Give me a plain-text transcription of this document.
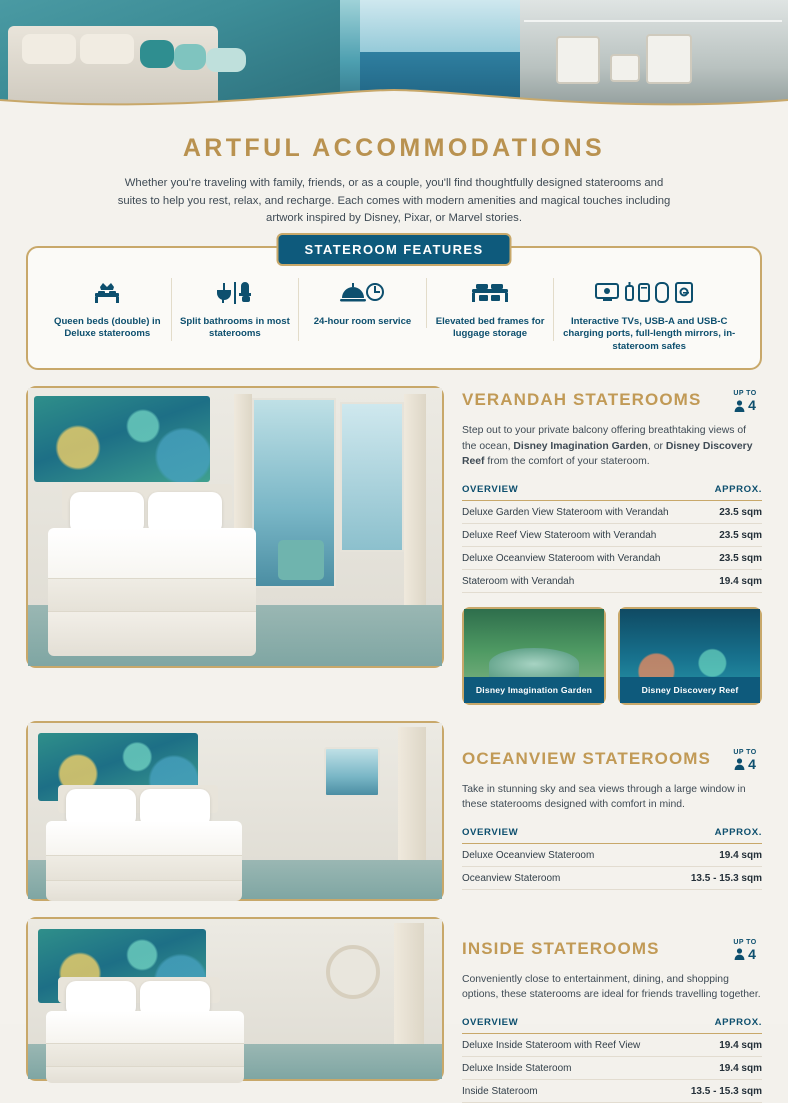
ARTFUL ACCOMMODATIONS
Whether you're traveling with family, friends, or as a couple, you'll find thoughtfully designed staterooms and suites to help you rest, relax, and recharge. Each comes with modern amenities and magical touches including artwork inspired by Disney, Pixar, or Marvel stories.
STATEROOM FEATURES
Queen beds (double) in Deluxe staterooms
Split bathrooms in most staterooms
24-hour room service	Elevated bed frames for luggage storage
Interactive TVs, USB-A and USB-C charging ports, full-length mirrors, in-stateroom safes
VERANDAH STATEROOMS	UP TO
4
Step out to your private balcony offering breathtaking views of the ocean, Disney Imagination Garden, or Disney Discovery Reef from the comfort of your stateroom.
OVERVIEW	APPROX.
Deluxe Garden View Stateroom with Verandah	23.5 sqm
Deluxe Reef View Stateroom with Verandah	23.5 sqm
Deluxe Oceanview Stateroom with Verandah	23.5 sqm
Stateroom with Verandah	19.4 sqm
Disney Imagination Garden	Disney Discovery Reef
OCEANVIEW STATEROOMS	UP TO
4
Take in stunning sky and sea views through a large window in these staterooms designed with comfort in mind.
OVERVIEW	APPROX.
Deluxe Oceanview Stateroom	19.4 sqm
Oceanview Stateroom	13.5 - 15.3 sqm
INSIDE STATEROOMS	UP TO
4
Conveniently close to entertainment, dining, and shopping options, these staterooms are ideal for friends travelling together.
OVERVIEW	APPROX.
Deluxe Inside Stateroom with Reef View	19.4 sqm
Deluxe Inside Stateroom	19.4 sqm
Inside Stateroom	13.5 - 15.3 sqm
